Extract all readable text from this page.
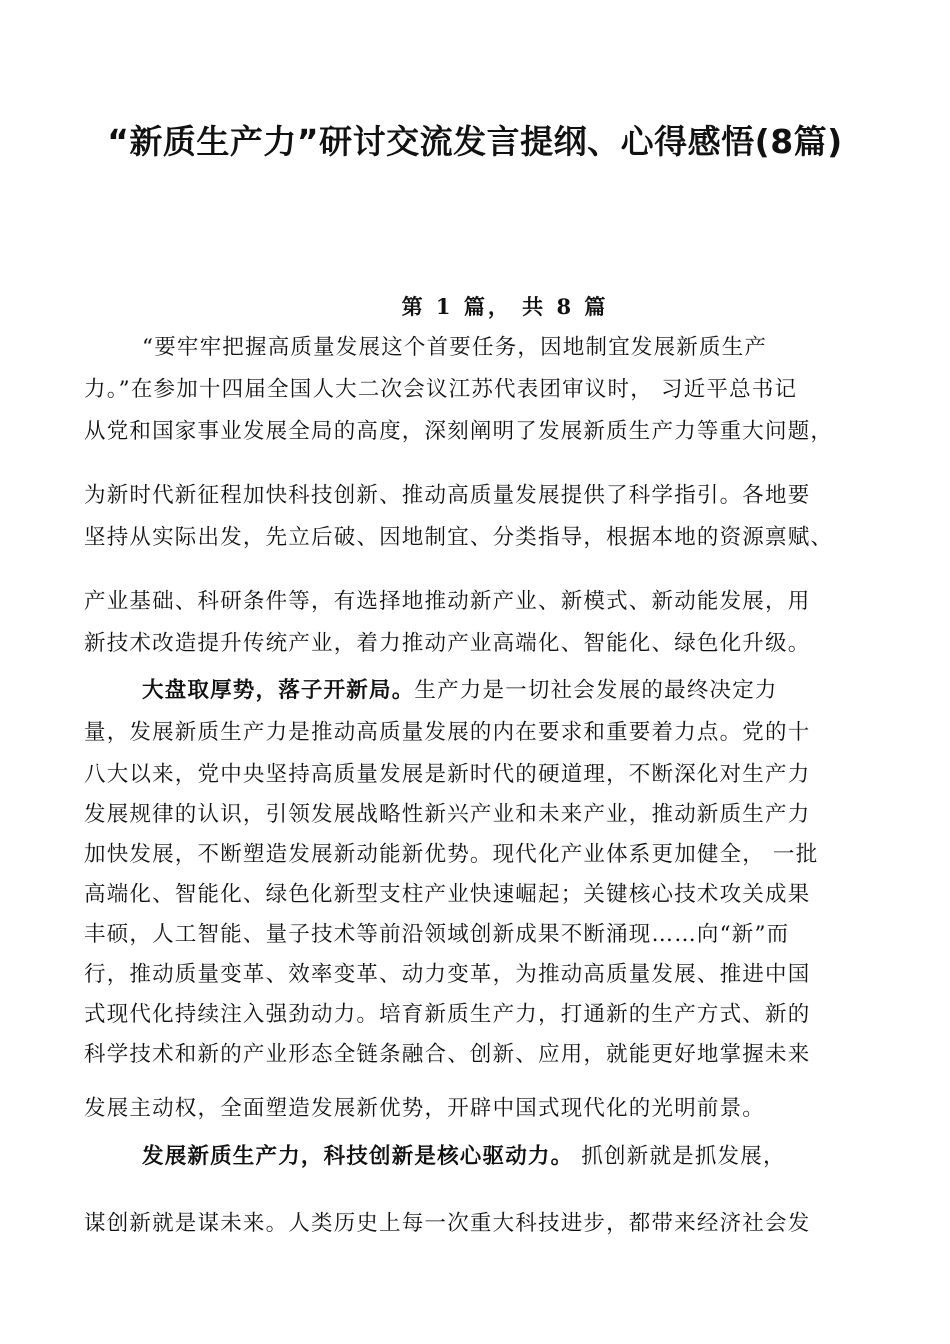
“新质生产力”研讨交流发言提纲、心得感悟(8篇)
第 1 篇， 共 8 篇
“要牢牢把握高质量发展这个首要任务，因地制宜发展新质生产
力。”在参加十四届全国人大二次会议江苏代表团审议时， 习近平总书记
从党和国家事业发展全局的高度，深刻阐明了发展新质生产力等重大问题，
为新时代新征程加快科技创新、推动高质量发展提供了科学指引。各地要
坚持从实际出发，先立后破、因地制宜、分类指导，根据本地的资源禀赋、
产业基础、科研条件等，有选择地推动新产业、新模式、新动能发展，用
新技术改造提升传统产业，着力推动产业高端化、智能化、绿色化升级。
大盘取厚势，落子开新局。生产力是一切社会发展的最终决定力
量，发展新质生产力是推动高质量发展的内在要求和重要着力点。党的十
八大以来，党中央坚持高质量发展是新时代的硬道理，不断深化对生产力
发展规律的认识，引领发展战略性新兴产业和未来产业，推动新质生产力
加快发展，不断塑造发展新动能新优势。现代化产业体系更加健全， 一批
高端化、智能化、绿色化新型支柱产业快速崛起；关键核心技术攻关成果
丰硕，人工智能、量子技术等前沿领域创新成果不断涌现……向“新”而
行，推动质量变革、效率变革、动力变革，为推动高质量发展、推进中国
式现代化持续注入强劲动力。培育新质生产力，打通新的生产方式、新的
科学技术和新的产业形态全链条融合、创新、应用，就能更好地掌握未来
发展主动权，全面塑造发展新优势，开辟中国式现代化的光明前景。
发展新质生产力，科技创新是核心驱动力。 抓创新就是抓发展，
谋创新就是谋未来。人类历史上每一次重大科技进步，都带来经济社会发
